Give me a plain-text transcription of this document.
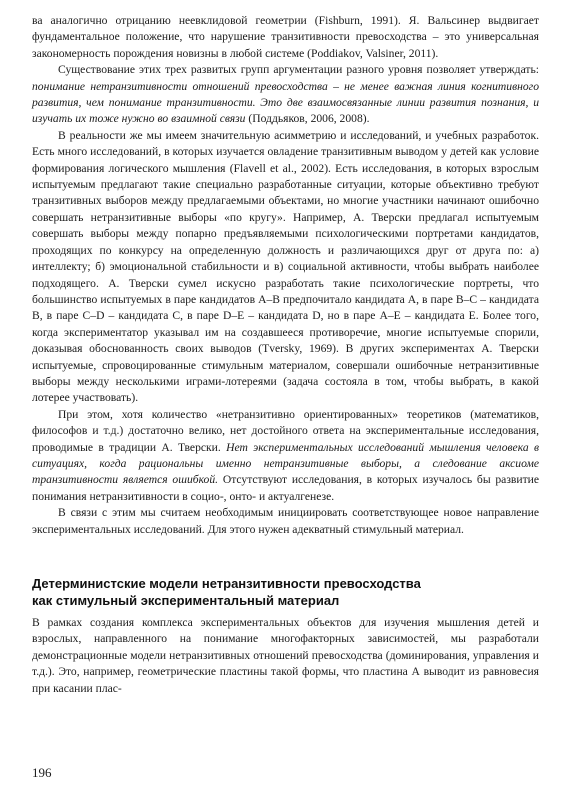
ва аналогично отрицанию неевклидовой геометрии (Fishburn, 1991). Я. Вальсинер выдвигает фундаментальное положение, что нарушение транзитивности превосходства – это универсальная закономерность порождения новизны в любой системе (Poddiakov, Valsiner, 2011).

Существование этих трех развитых групп аргументации разного уровня позволяет утверждать: понимание нетранзитивности отношений превосходства – не менее важная линия когнитивного развития, чем понимание транзитивности. Это две взаимосвязанные линии развития познания, и изучать их тоже нужно во взаимной связи (Поддьяков, 2006, 2008).

В реальности же мы имеем значительную асимметрию и исследований, и учебных разработок. Есть много исследований, в которых изучается овладение транзитивным выводом у детей как условие формирования логического мышления (Flavell et al., 2002). Есть исследования, в которых взрослым испытуемым предлагают такие специально разработанные ситуации, которые объективно требуют транзитивных выборов между предлагаемыми объектами, но многие участники начинают ошибочно совершать нетранзитивные выборы «по кругу». Например, А. Тверски предлагал испытуемым совершать выборы между попарно предъявляемыми психологическими портретами кандидатов, проходящих по конкурсу на определенную должность и различающихся друг от друга по: а) интеллекту; б) эмоциональной стабильности и в) социальной активности, чтобы выбрать наиболее подходящего. А. Тверски сумел искусно разработать такие психологические портреты, что большинство испытуемых в паре кандидатов А–В предпочитало кандидата А, в паре В–С – кандидата В, в паре С–D – кандидата С, в паре D–Е – кандидата D, но в паре А–Е – кандидата Е. Более того, когда экспериментатор указывал им на создавшееся противоречие, многие испытуемые спорили, доказывая обоснованность своих выводов (Tversky, 1969). В других экспериментах А. Тверски испытуемые, спровоцированные стимульным материалом, совершали ошибочные нетранзитивные выборы между несколькими играми-лотереями (задача состояла в том, чтобы выбрать, в какой лотерее участвовать).

При этом, хотя количество «нетранзитивно ориентированных» теоретиков (математиков, философов и т.д.) достаточно велико, нет достойного ответа на экспериментальные исследования, проводимые в традиции А. Тверски. Нет экспериментальных исследований мышления человека в ситуациях, когда рациональны именно нетранзитивные выборы, а следование аксиоме транзитивности является ошибкой. Отсутствуют исследования, в которых изучалось бы развитие понимания нетранзитивности в социо-, онто- и актуалгенезе.

В связи с этим мы считаем необходимым инициировать соответствующее новое направление экспериментальных исследований. Для этого нужен адекватный стимульный материал.

Детерминистские модели нетранзитивности превосходства
как стимульный экспериментальный материал

В рамках создания комплекса экспериментальных объектов для изучения мышления детей и взрослых, направленного на понимание многофакторных зависимостей, мы разработали демонстрационные модели нетранзитивных отношений превосходства (доминирования, управления и т.д.). Это, например, геометрические пластины такой формы, что пластина А выводит из равновесия при касании плас-

196
